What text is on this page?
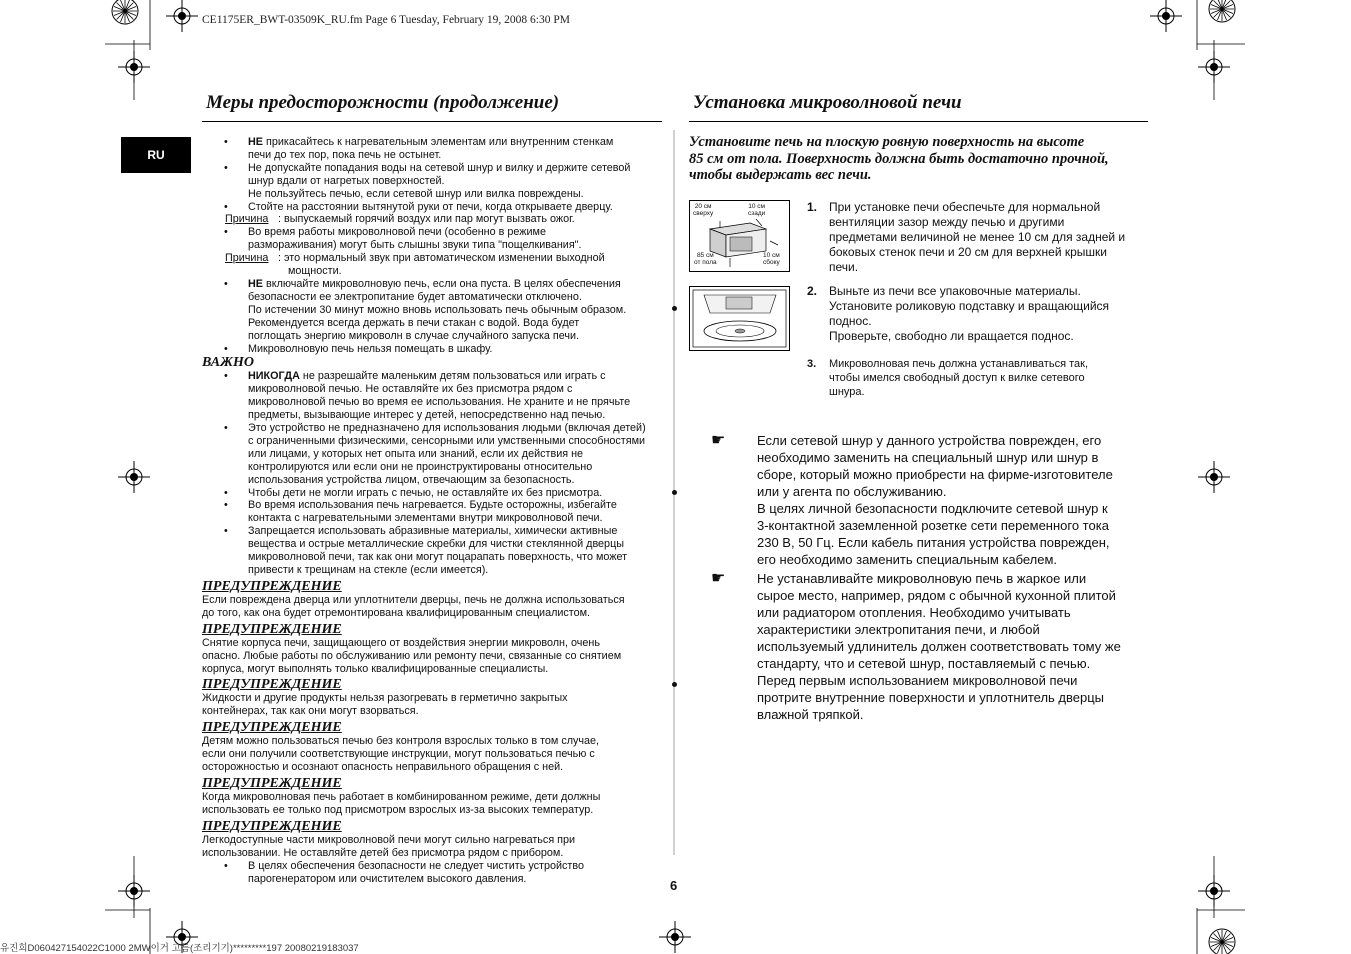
CE1175ER_BWT-03509K_RU.fm Page 6 Tuesday, February 19, 2008 6:30 PM
RU
Меры предосторожности (продолжение)

• НЕ прикасайтесь к нагревательным элементам или внутренним стенкам
печи до тех пор, пока печь не остынет.

• Не допускайте попадания воды на сетевой шнур и вилку и держите сетевой
шнур вдали от нагретых поверхностей.
Не пользуйтесь печью, если сетевой шнур или вилка повреждены.

• Стойте на расстоянии вытянутой руки от печи, когда открываете дверцу.

Причина : выпускаемый горячий воздух или пар могут вызвать ожог.

• Во время работы микроволновой печи (особенно в режиме
размораживания) могут быть слышны звуки типа "пощелкивания".

Причина : это нормальный звук при автоматическом изменении выходной

мощности.

• НЕ включайте микроволновую печь, если она пуста. В целях обеспечения
безопасности ее электропитание будет автоматически отключено.
По истечении 30 минут можно вновь использовать печь обычным образом.
Рекомендуется всегда держать в печи стакан с водой. Вода будет
поглощать энергию микроволн в случае случайного запуска печи.

• Микроволновую печь нельзя помещать в шкафу.

ВАЖНО

• НИКОГДА не разрешайте маленьким детям пользоваться или играть с
микроволновой печью. Не оставляйте их без присмотра рядом с
микроволновой печью во время ее использования. Не храните и не прячьте
предметы, вызывающие интерес у детей, непосредственно над печью.

• Это устройство не предназначено для использования людьми (включая детей)
с ограниченными физическими, сенсорными или умственными способностями
или лицами, у которых нет опыта или знаний, если их действия не
контролируются или если они не проинструктированы относительно
использования устройства лицом, отвечающим за безопасность.

• Чтобы дети не могли играть с печью, не оставляйте их без присмотра.

• Во время использования печь нагревается. Будьте осторожны, избегайте
контакта с нагревательными элементами внутри микроволновой печи.

• Запрещается использовать абразивные материалы, химически активные
вещества и острые металлические скребки для чистки стеклянной дверцы
микроволновой печи, так как они могут поцарапать поверхность, что может
привести к трещинам на стекле (если имеется).

ПРЕДУПРЕЖДЕНИЕ

Если повреждена дверца или уплотнители дверцы, печь не должна использоваться
до того, как она будет отремонтирована квалифицированным специалистом.

ПРЕДУПРЕЖДЕНИЕ

Снятие корпуса печи, защищающего от воздействия энергии микроволн, очень
опасно. Любые работы по обслуживанию или ремонту печи, связанные со снятием
корпуса, могут выполнять только квалифицированные специалисты.

ПРЕДУПРЕЖДЕНИЕ

Жидкости и другие продукты нельзя разогревать в герметично закрытых
контейнерах, так как они могут взорваться.

ПРЕДУПРЕЖДЕНИЕ

Детям можно пользоваться печью без контроля взрослых только в том случае,
если они получили соответствующие инструкции, могут пользоваться печью с
осторожностью и осознают опасность неправильного обращения с ней.

ПРЕДУПРЕЖДЕНИЕ

Когда микроволновая печь работает в комбинированном режиме, дети должны
использовать ее только под присмотром взрослых из-за высоких температур.

ПРЕДУПРЕЖДЕНИЕ

Легкодоступные части микроволновой печи могут сильно нагреваться при
использовании. Не оставляйте детей без присмотра рядом с прибором.

• В целях обеспечения безопасности не следует чистить устройство
парогенератором или очистителем высокого давления.

Установка микроволновой печи
Установите печь на плоскую ровную поверхность на высоте
85 см от пола. Поверхность должна быть достаточно прочной,
чтобы выдержать вес печи.
20 см
сверху
10 см
сзади
85 см
от пола
10 см
сбоку
1. При установке печи обеспечьте для нормальной
вентиляции зазор между печью и другими
предметами величиной не менее 10 см для задней и
боковых стенок печи и 20 см для верхней крышки
печи.
2. Выньте из печи все упаковочные материалы.
Установите роликовую подставку и вращающийся
поднос.
Проверьте, свободно ли вращается поднос.
3. Микроволновая печь должна устанавливаться так,
чтобы имелся свободный доступ к вилке сетевого
шнура.
☛ Если сетевой шнур у данного устройства поврежден, его
необходимо заменить на специальный шнур или шнур в
сборе, который можно приобрести на фирме-изготовителе
или у агента по обслуживанию.
В целях личной безопасности подключите сетевой шнур к
3-контактной заземленной розетке сети переменного тока
230 В, 50 Гц. Если кабель питания устройства поврежден,
его необходимо заменить специальным кабелем.
☛ Не устанавливайте микроволновую печь в жаркое или
сырое место, например, рядом с обычной кухонной плитой
или радиатором отопления. Необходимо учитывать
характеристики электропитания печи, и любой
используемый удлинитель должен соответствовать тому же
стандарту, что и сетевой шнур, поставляемый с печью.
Перед первым использованием микроволновой печи
протрите внутренние поверхности и уплотнитель дверцы
влажной тряпкой.
6
유진희D060427154022C1000 2MW이거 고름(조리기기)*********197 20080219183037
